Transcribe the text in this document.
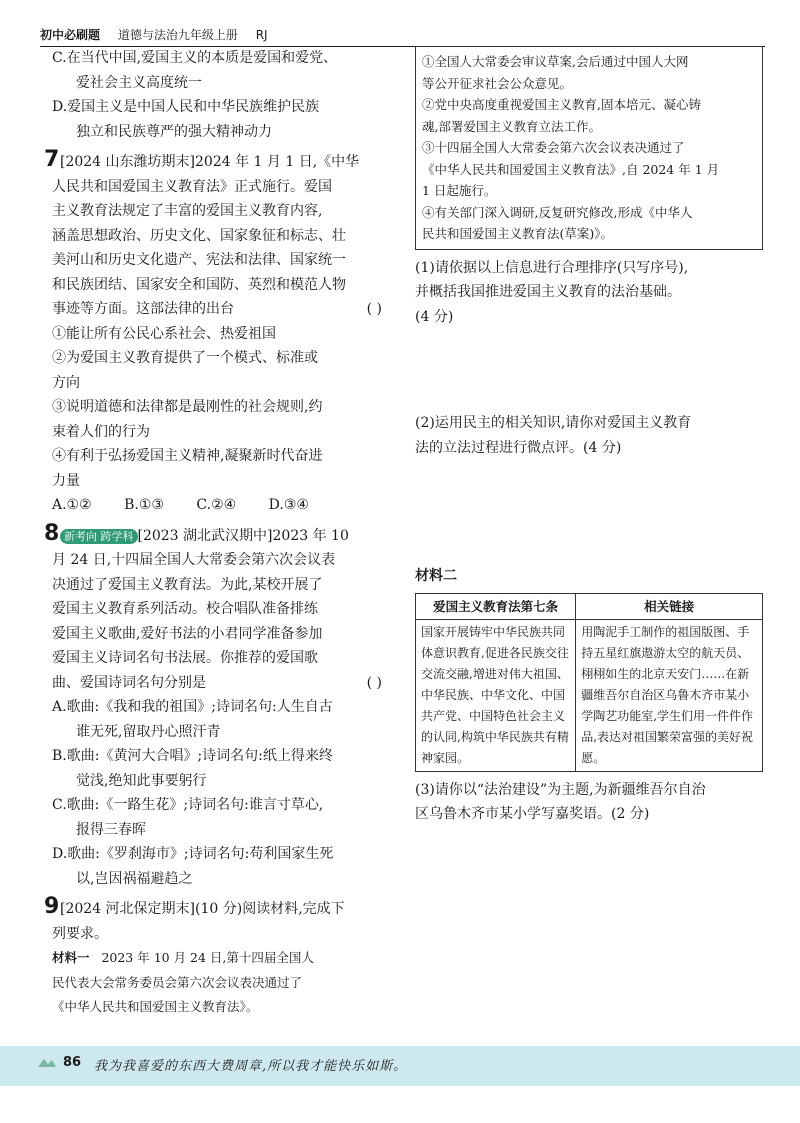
初中必刷题 道德与法治九年级上册 RJ

C.在当代中国,爱国主义的本质是爱国和爱党、

爱社会主义高度统一

D.爱国主义是中国人民和中华民族维护民族

独立和民族尊严的强大精神动力

7[2024 山东潍坊期末]2024 年 1 月 1 日,《中华

人民共和国爱国主义教育法》正式施行。爱国

主义教育法规定了丰富的爱国主义教育内容,

涵盖思想政治、历史文化、国家象征和标志、壮

美河山和历史文化遗产、宪法和法律、国家统一

和民族团结、国家安全和国防、英烈和模范人物

事迹等方面。这部法律的出台	( )

①能让所有公民心系社会、热爱祖国

②为爱国主义教育提供了一个模式、标准或

方向

③说明道德和法律都是最刚性的社会规则,约

束着人们的行为

④有利于弘扬爱国主义精神,凝聚新时代奋进

力量

A.①② B.①③ C.②④ D.③④

8 新考向 跨学科 [2023 湖北武汉期中]2023 年 10

月 24 日,十四届全国人大常委会第六次会议表

决通过了爱国主义教育法。为此,某校开展了

爱国主义教育系列活动。校合唱队准备排练

爱国主义歌曲,爱好书法的小君同学准备参加

爱国主义诗词名句书法展。你推荐的爱国歌

曲、爱国诗词名句分别是	( )

A.歌曲:《我和我的祖国》;诗词名句:人生自古

谁无死,留取丹心照汗青

B.歌曲:《黄河大合唱》;诗词名句:纸上得来终

觉浅,绝知此事要躬行

C.歌曲:《一路生花》;诗词名句:谁言寸草心,

报得三春晖

D.歌曲:《罗刹海市》;诗词名句:苟利国家生死

以,岂因祸福避趋之

9[2024 河北保定期末](10 分)阅读材料,完成下

列要求。

材料一 2023 年 10 月 24 日,第十四届全国人

民代表大会常务委员会第六次会议表决通过了

《中华人民共和国爱国主义教育法》。

①全国人大常委会审议草案,会后通过中国人大网

等公开征求社会公众意见。

②党中央高度重视爱国主义教育,固本培元、凝心铸

魂,部署爱国主义教育立法工作。

③十四届全国人大常委会第六次会议表决通过了

《中华人民共和国爱国主义教育法》,自 2024 年 1 月

1 日起施行。

④有关部门深入调研,反复研究修改,形成《中华人

民共和国爱国主义教育法(草案)》。

(1)请依据以上信息进行合理排序(只写序号),

并概括我国推进爱国主义教育的法治基础。

(4 分)

(2)运用民主的相关知识,请你对爱国主义教育

法的立法过程进行微点评。(4 分)

材料二

爱国主义教育法第七条	相关链接
国家开展铸牢中华民族共同体意识教育,促进各民族交往交流交融,增进对伟大祖国、中华民族、中华文化、中国共产党、中国特色社会主义的认同,构筑中华民族共有精神家园。	用陶泥手工制作的祖国版图、手持五星红旗遨游太空的航天员、栩栩如生的北京天安门……在新疆维吾尔自治区乌鲁木齐市某小学陶艺功能室,学生们用一件件作品,表达对祖国繁荣富强的美好祝愿。

(3)请你以“法治建设”为主题,为新疆维吾尔自治

区乌鲁木齐市某小学写嘉奖语。(2 分)

86 我为我喜爱的东西大费周章,所以我才能快乐如斯。
